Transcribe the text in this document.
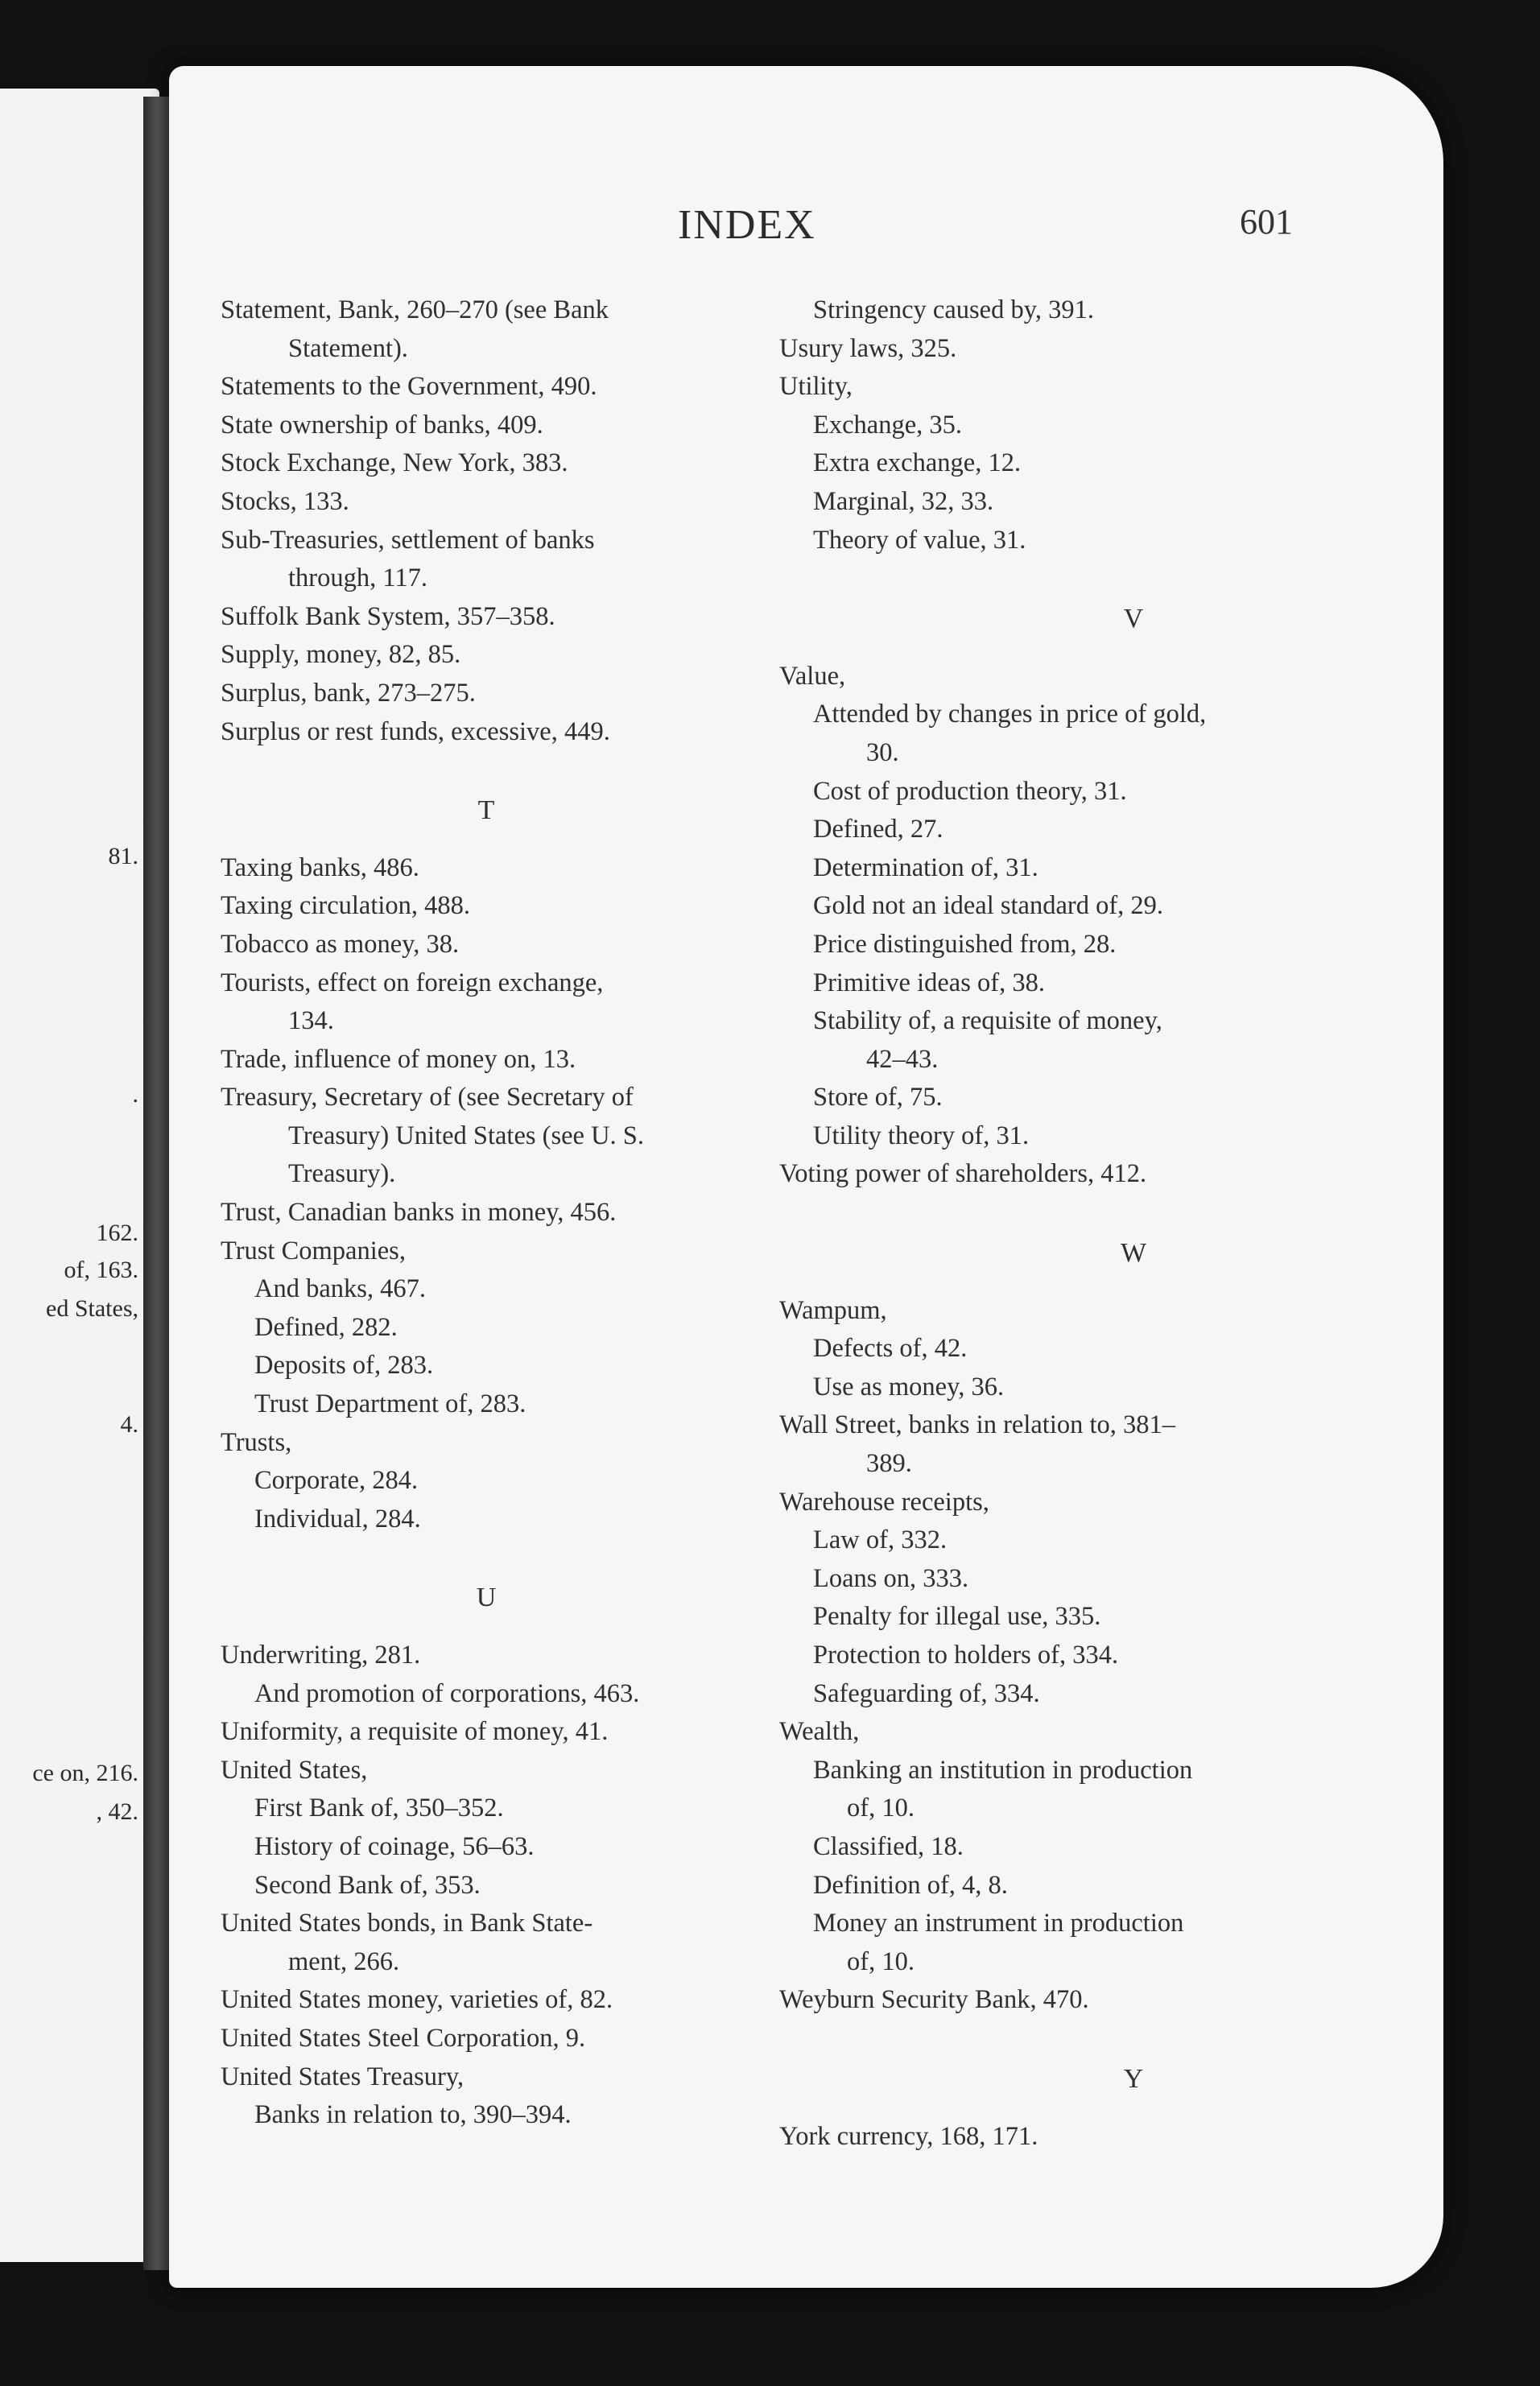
81.
.
162.
of, 163.
ed States,
4.
ce on, 216.
, 42.
INDEX	601
Statement, Bank, 260–270 (see Bank
Statement).
Statements to the Government, 490.
State ownership of banks, 409.
Stock Exchange, New York, 383.
Stocks, 133.
Sub-Treasuries, settlement of banks
through, 117.
Suffolk Bank System, 357–358.
Supply, money, 82, 85.
Surplus, bank, 273–275.
Surplus or rest funds, excessive, 449.
T
Taxing banks, 486.
Taxing circulation, 488.
Tobacco as money, 38.
Tourists, effect on foreign exchange,
134.
Trade, influence of money on, 13.
Treasury, Secretary of (see Secretary of
Treasury) United States (see U. S.
Treasury).
Trust, Canadian banks in money, 456.
Trust Companies,
And banks, 467.
Defined, 282.
Deposits of, 283.
Trust Department of, 283.
Trusts,
Corporate, 284.
Individual, 284.
U
Underwriting, 281.
And promotion of corporations, 463.
Uniformity, a requisite of money, 41.
United States,
First Bank of, 350–352.
History of coinage, 56–63.
Second Bank of, 353.
United States bonds, in Bank State-
ment, 266.
United States money, varieties of, 82.
United States Steel Corporation, 9.
United States Treasury,
Banks in relation to, 390–394.
Stringency caused by, 391.
Usury laws, 325.
Utility,
Exchange, 35.
Extra exchange, 12.
Marginal, 32, 33.
Theory of value, 31.
V
Value,
Attended by changes in price of gold,
30.
Cost of production theory, 31.
Defined, 27.
Determination of, 31.
Gold not an ideal standard of, 29.
Price distinguished from, 28.
Primitive ideas of, 38.
Stability of, a requisite of money,
42–43.
Store of, 75.
Utility theory of, 31.
Voting power of shareholders, 412.
W
Wampum,
Defects of, 42.
Use as money, 36.
Wall Street, banks in relation to, 381–
389.
Warehouse receipts,
Law of, 332.
Loans on, 333.
Penalty for illegal use, 335.
Protection to holders of, 334.
Safeguarding of, 334.
Wealth,
Banking an institution in production
of, 10.
Classified, 18.
Definition of, 4, 8.
Money an instrument in production
of, 10.
Weyburn Security Bank, 470.
Y
York currency, 168, 171.
